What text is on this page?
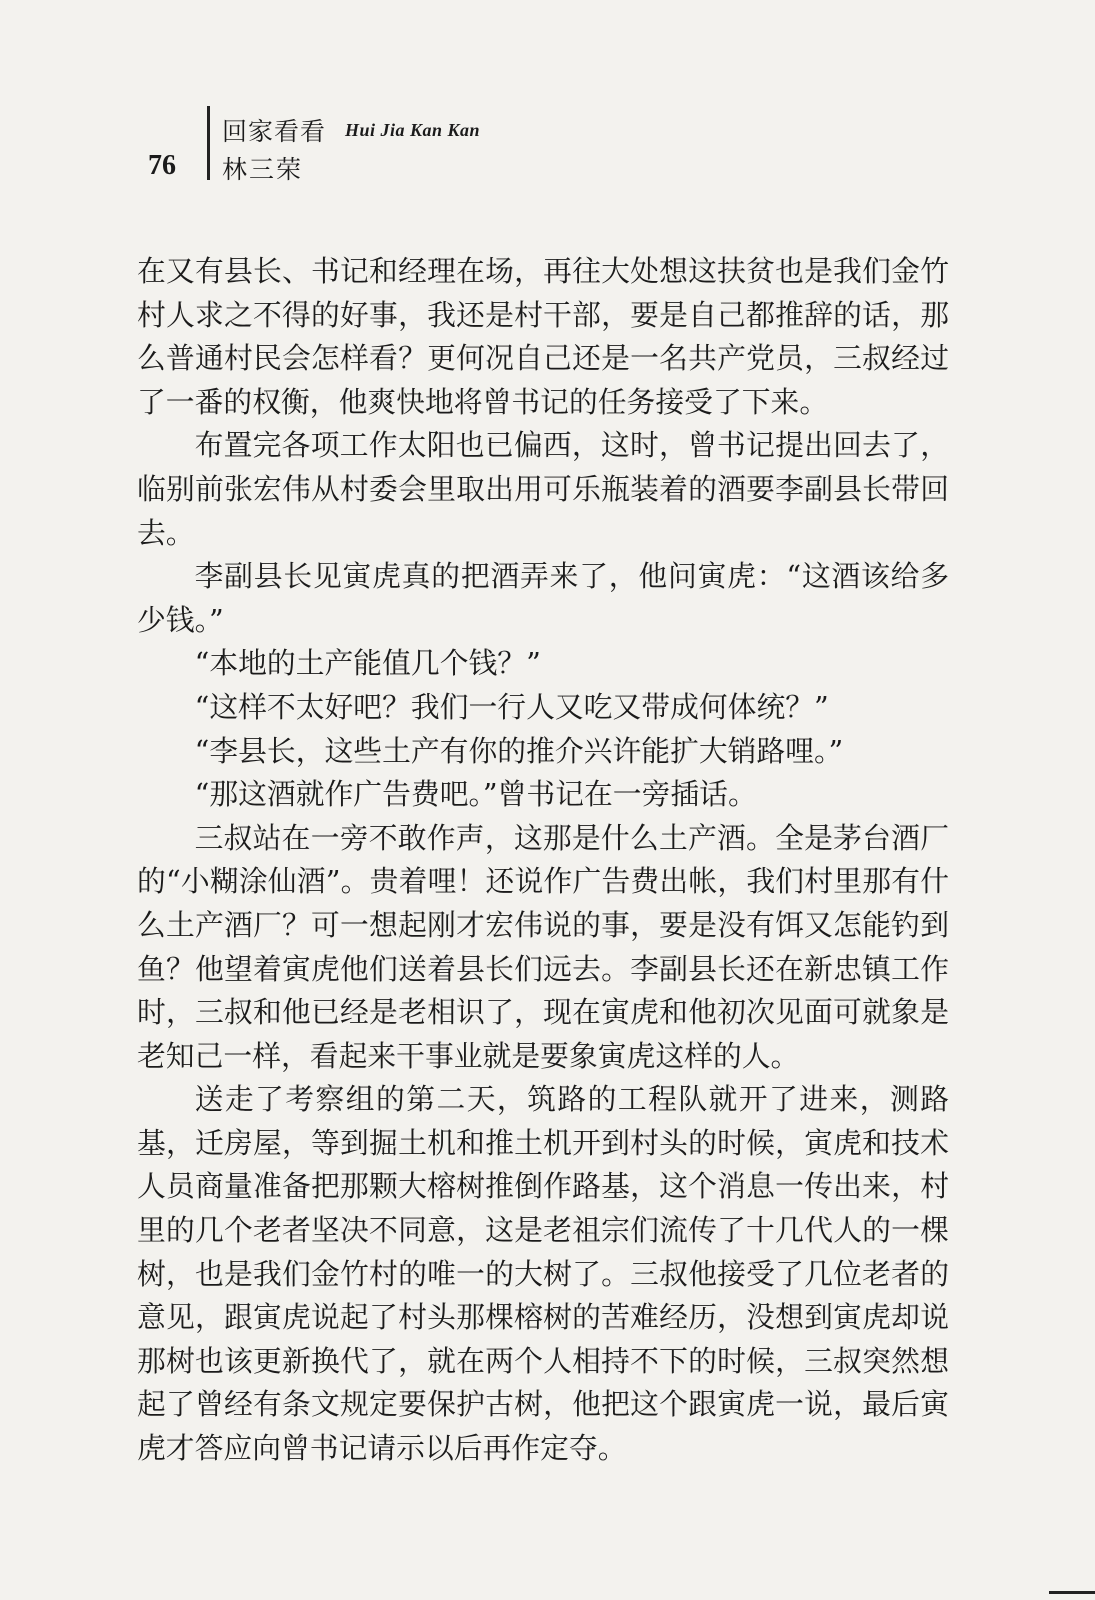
76
回家看看 Hui Jia Kan Kan
林三荣

在又有县长、书记和经理在场，再往大处想这扶贫也是我们金竹村人求之不得的好事，我还是村干部，要是自己都推辞的话，那么普通村民会怎样看？更何况自己还是一名共产党员，三叔经过了一番的权衡，他爽快地将曾书记的任务接受了下来。

布置完各项工作太阳也已偏西，这时，曾书记提出回去了，临别前张宏伟从村委会里取出用可乐瓶装着的酒要李副县长带回去。

李副县长见寅虎真的把酒弄来了，他问寅虎：“这酒该给多少钱。”

“本地的土产能值几个钱？”

“这样不太好吧？我们一行人又吃又带成何体统？”

“李县长，这些土产有你的推介兴许能扩大销路哩。”

“那这酒就作广告费吧。”曾书记在一旁插话。

三叔站在一旁不敢作声，这那是什么土产酒。全是茅台酒厂的“小糊涂仙酒”。贵着哩！还说作广告费出帐，我们村里那有什么土产酒厂？可一想起刚才宏伟说的事，要是没有饵又怎能钓到鱼？他望着寅虎他们送着县长们远去。李副县长还在新忠镇工作时，三叔和他已经是老相识了，现在寅虎和他初次见面可就象是老知己一样，看起来干事业就是要象寅虎这样的人。

送走了考察组的第二天，筑路的工程队就开了进来，测路基，迁房屋，等到掘土机和推土机开到村头的时候，寅虎和技术人员商量准备把那颗大榕树推倒作路基，这个消息一传出来，村里的几个老者坚决不同意，这是老祖宗们流传了十几代人的一棵树，也是我们金竹村的唯一的大树了。三叔他接受了几位老者的意见，跟寅虎说起了村头那棵榕树的苦难经历，没想到寅虎却说那树也该更新换代了，就在两个人相持不下的时候，三叔突然想起了曾经有条文规定要保护古树，他把这个跟寅虎一说，最后寅虎才答应向曾书记请示以后再作定夺。
